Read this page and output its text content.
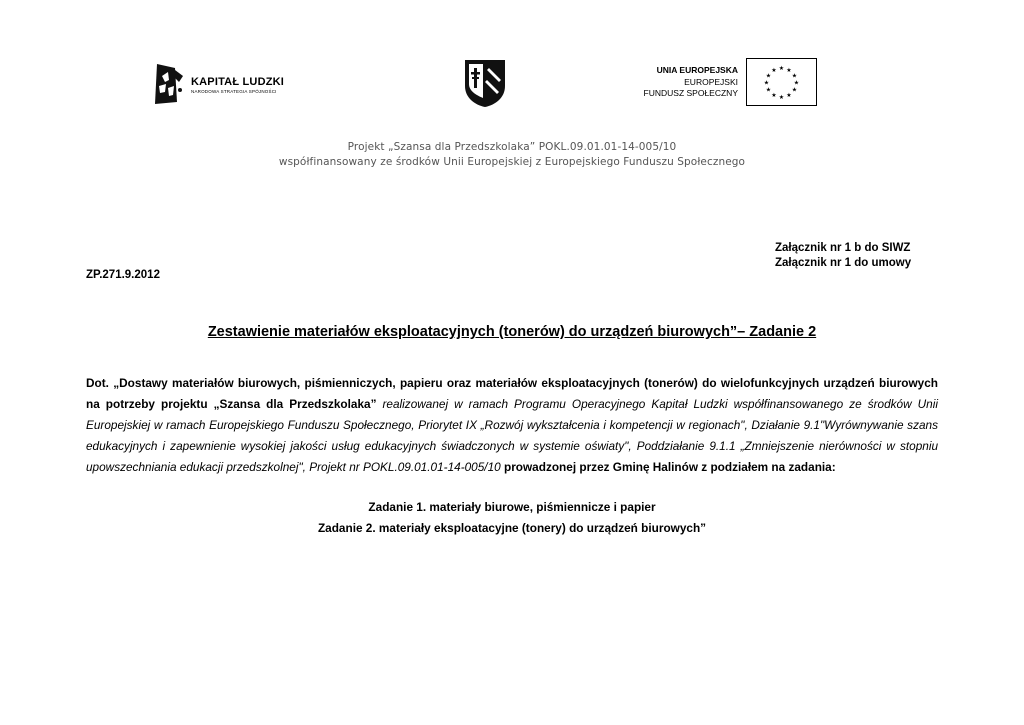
KAPITAŁ LUDZKI
NARODOWA STRATEGIA SPÓJNOŚCI
UNIA EUROPEJSKA
EUROPEJSKI
FUNDUSZ SPOŁECZNY
★ ★
★
★
★
★
★
★
★
★
★
★
Projekt „Szansa dla Przedszkolaka” POKL.09.01.01-14-005/10
współfinansowany ze środków Unii Europejskiej z Europejskiego Funduszu Społecznego
Załącznik nr 1 b do SIWZ
Załącznik nr 1 do umowy
ZP.271.9.2012
Zestawienie materiałów eksploatacyjnych (tonerów) do urządzeń biurowych”– Zadanie 2
Dot. „Dostawy materiałów biurowych, piśmienniczych, papieru oraz materiałów eksploatacyjnych (tonerów) do wielofunkcyjnych urządzeń biurowych na potrzeby projektu „Szansa dla Przedszkolaka” realizowanej w ramach Programu Operacyjnego Kapitał Ludzki współfinansowanego ze środków Unii Europejskiej w ramach Europejskiego Funduszu Społecznego, Priorytet IX „Rozwój wykształcenia i kompetencji w regionach", Działanie 9.1"Wyrównywanie szans edukacyjnych i zapewnienie wysokiej jakości usług edukacyjnych świadczonych w systemie oświaty", Poddziałanie 9.1.1 „Zmniejszenie nierówności w stopniu upowszechniania edukacji przedszkolnej", Projekt nr POKL.09.01.01-14-005/10 prowadzonej przez Gminę Halinów z podziałem na zadania:
Zadanie 1. materiały biurowe, piśmiennicze i papier
Zadanie 2. materiały eksploatacyjne (tonery) do urządzeń biurowych”
